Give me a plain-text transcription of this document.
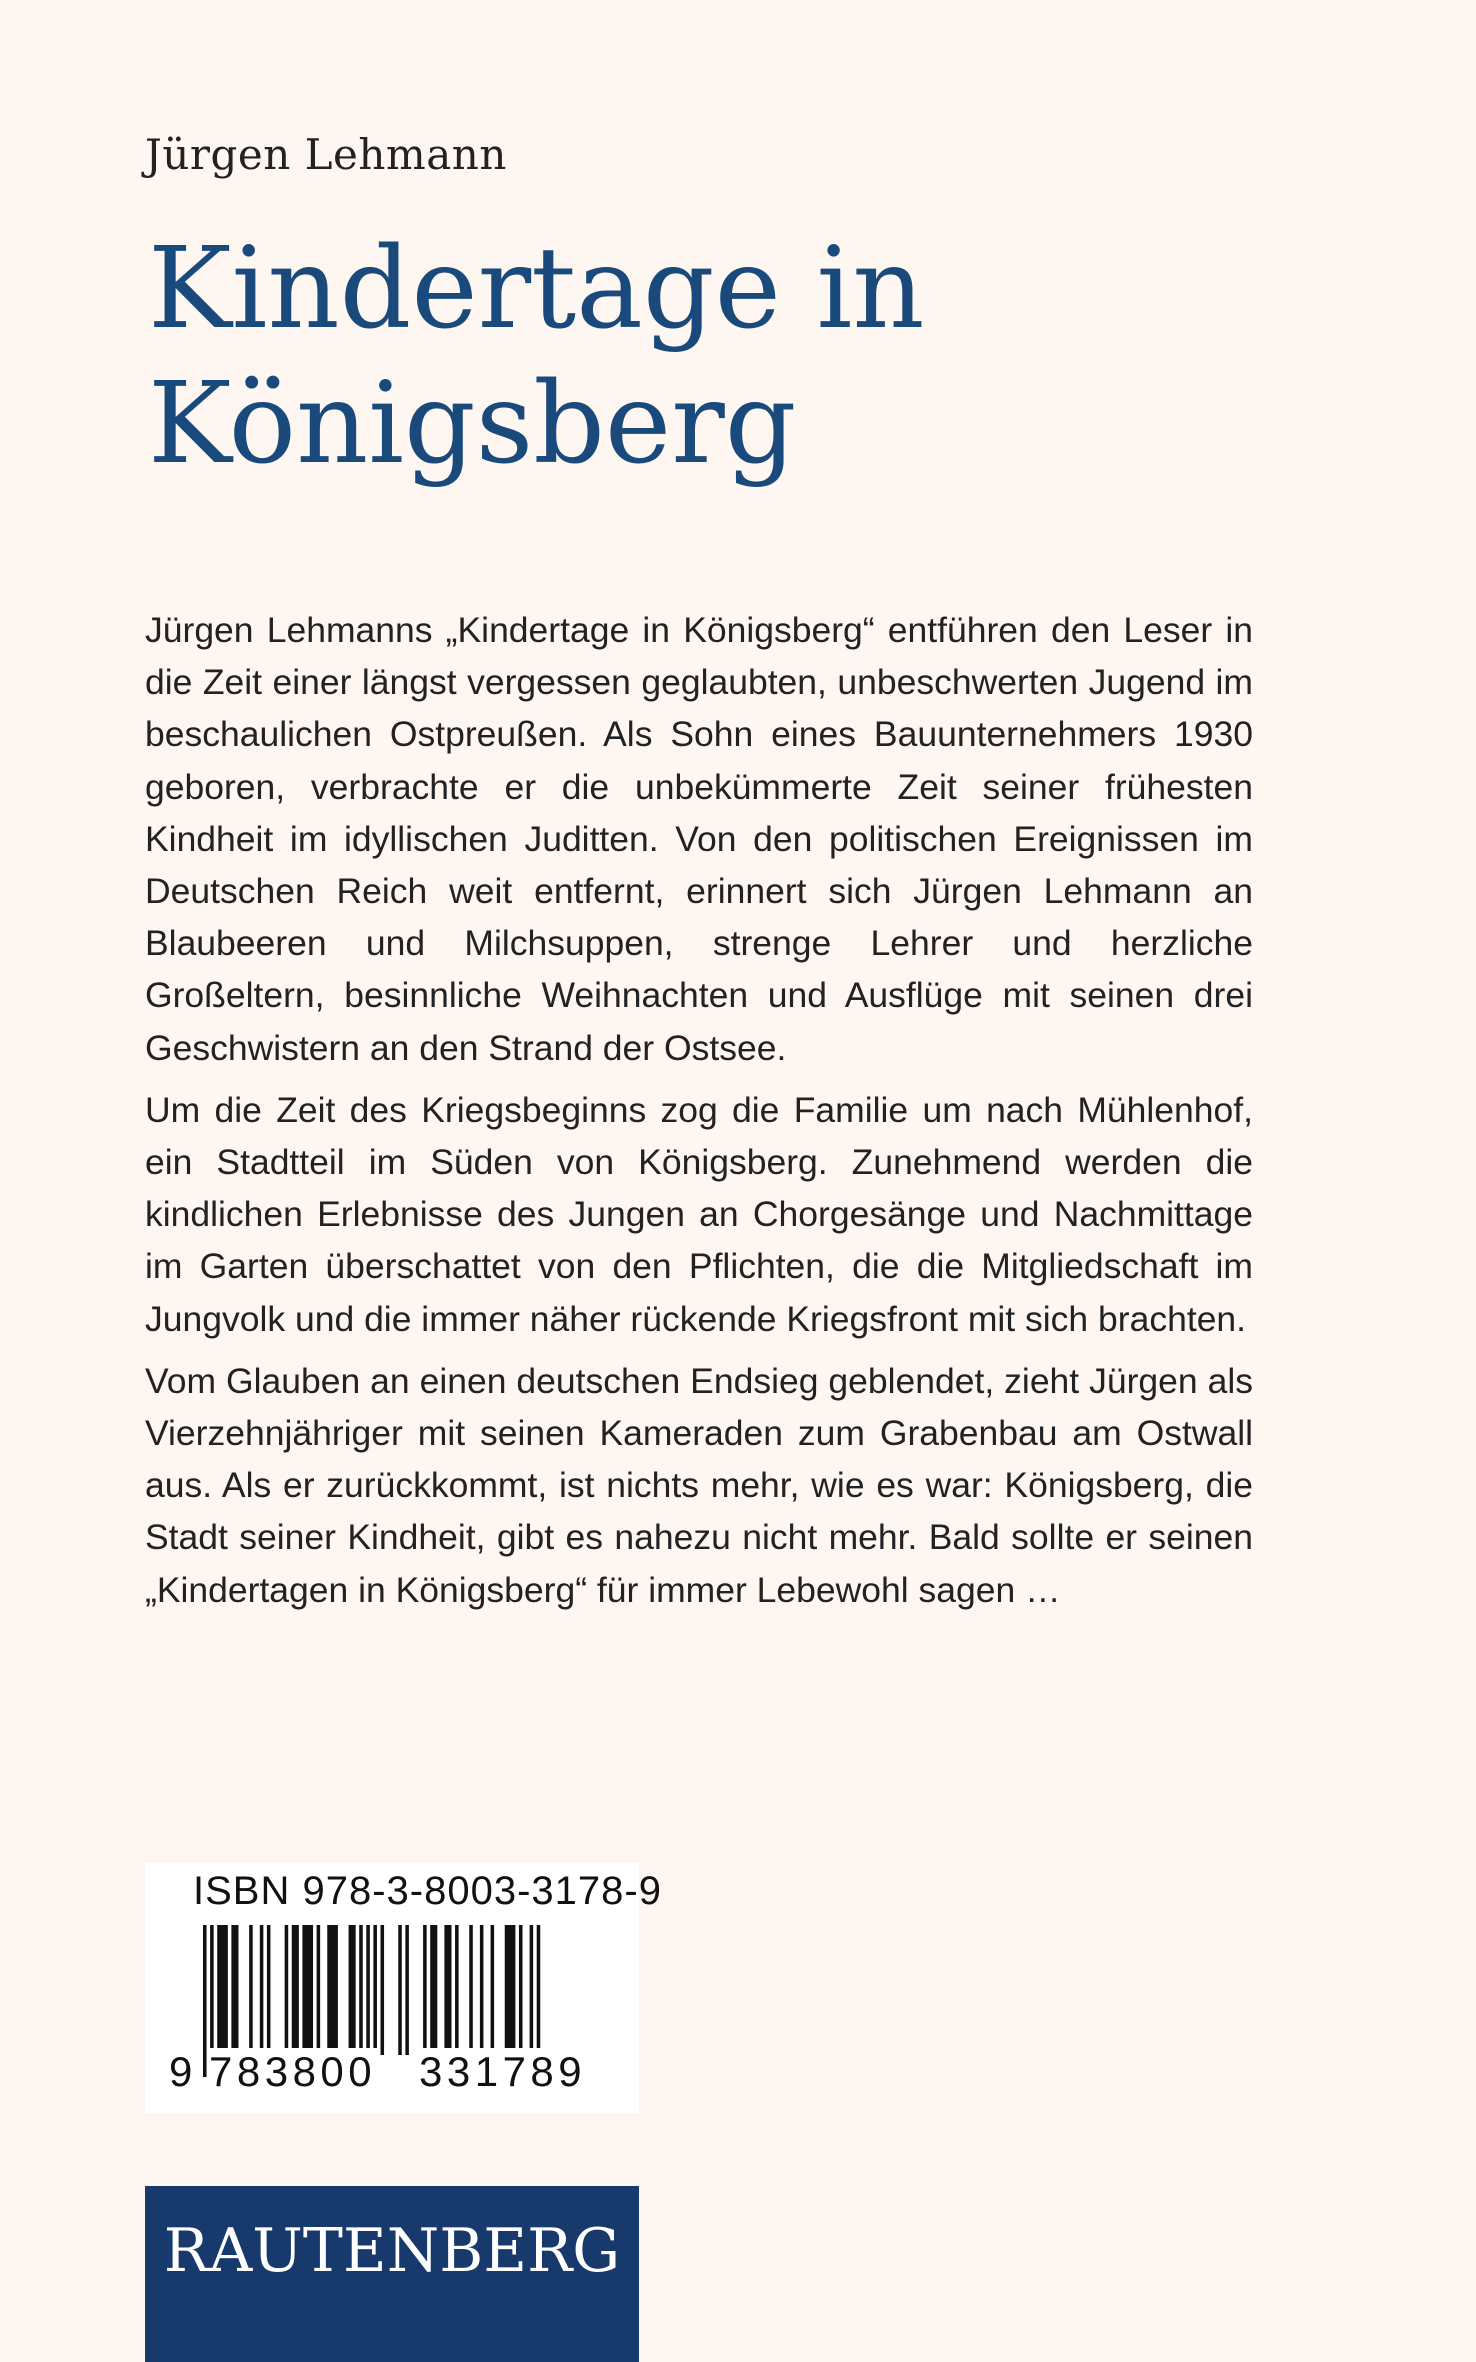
Jürgen Lehmann
Kindertage in
Königsberg

Jürgen Lehmanns „Kindertage in Königsberg“ entführen den Leser in die Zeit einer längst vergessen geglaubten, unbeschwerten Jugend im beschaulichen Ostpreußen. Als Sohn eines Bauunternehmers 1930 geboren, verbrachte er die unbekümmerte Zeit seiner frühesten Kindheit im idyllischen Juditten. Von den politischen Ereignissen im Deutschen Reich weit entfernt, erinnert sich Jürgen Lehmann an Blaubeeren und Milchsuppen, strenge Lehrer und herzliche Großeltern, besinnliche Weihnachten und Ausflüge mit seinen drei Geschwistern an den Strand der Ostsee.

Um die Zeit des Kriegsbeginns zog die Familie um nach Mühlenhof, ein Stadtteil im Süden von Königsberg. Zunehmend werden die kindlichen Erlebnisse des Jungen an Chorgesänge und Nachmittage im Garten überschattet von den Pflichten, die die Mitgliedschaft im Jungvolk und die immer näher rückende Kriegsfront mit sich brachten.

Vom Glauben an einen deutschen Endsieg geblendet, zieht Jürgen als Vierzehnjähriger mit seinen Kameraden zum Grabenbau am Ostwall aus. Als er zurückkommt, ist nichts mehr, wie es war: Königsberg, die Stadt seiner Kindheit, gibt es nahezu nicht mehr. Bald sollte er seinen „Kindertagen in Königsberg“ für immer Lebewohl sagen …

ISBN 978-3-8003-3178-9
9 783800 331789
RAUTENBERG
